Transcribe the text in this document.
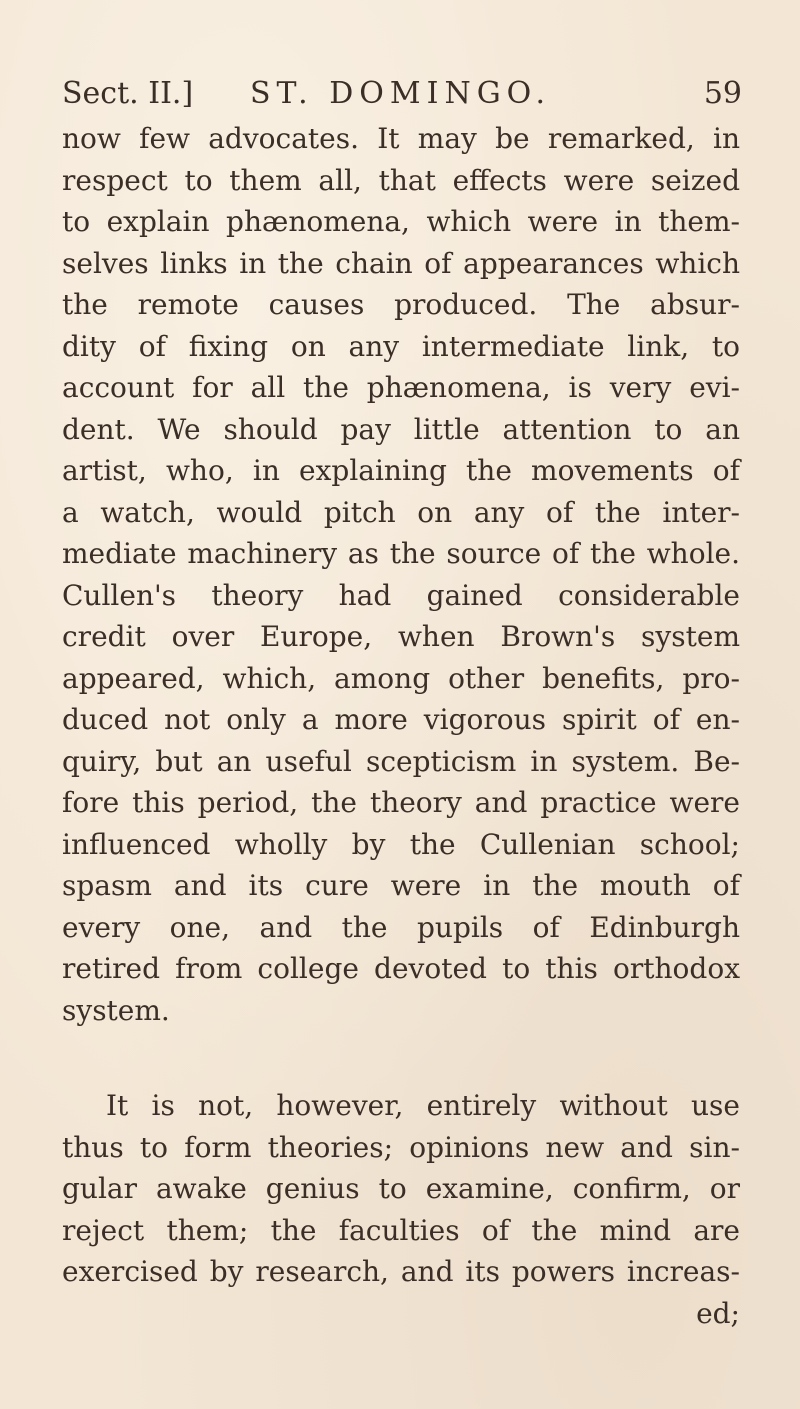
Sect. II.] ST. DOMINGO.	59
now few advocates. It may be remarked, in
respect to them all, that effects were seized
to explain phænomena, which were in them-
selves links in the chain of appearances which
the remote causes produced. The absur-
dity of fixing on any intermediate link, to
account for all the phænomena, is very evi-
dent. We should pay little attention to an
artist, who, in explaining the movements of
a watch, would pitch on any of the inter-
mediate machinery as the source of the whole.
Cullen's theory had gained considerable
credit over Europe, when Brown's system
appeared, which, among other benefits, pro-
duced not only a more vigorous spirit of en-
quiry, but an useful scepticism in system. Be-
fore this period, the theory and practice were
influenced wholly by the Cullenian school;
spasm and its cure were in the mouth of
every one, and the pupils of Edinburgh
retired from college devoted to this orthodox
system.
It is not, however, entirely without use
thus to form theories; opinions new and sin-
gular awake genius to examine, confirm, or
reject them; the faculties of the mind are
exercised by research, and its powers increas-
ed;
